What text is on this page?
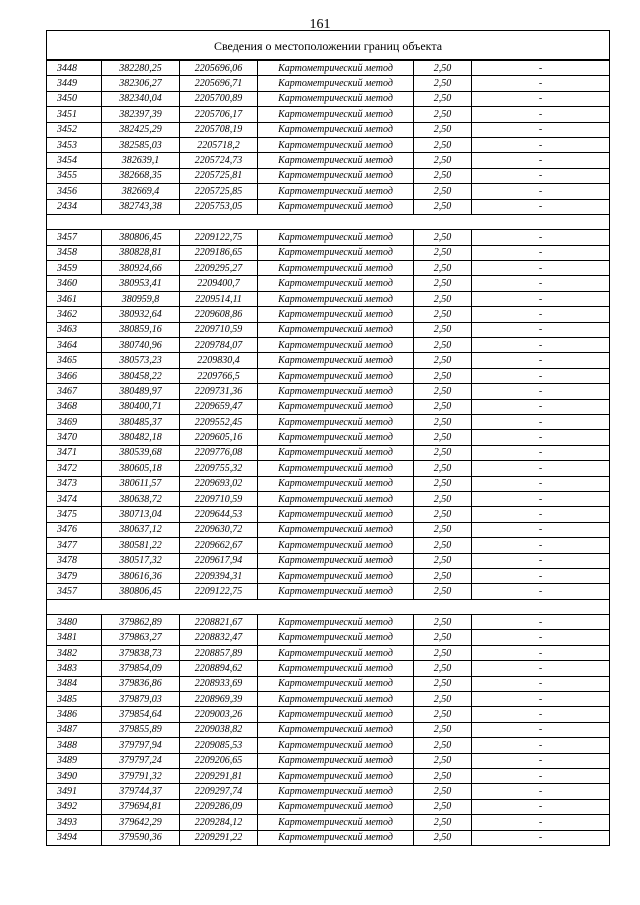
161
Сведения о местоположении границ объекта
3448	382280,25	2205696,06	Картометрический метод	2,50	-
3449	382306,27	2205696,71	Картометрический метод	2,50	-
3450	382340,04	2205700,89	Картометрический метод	2,50	-
3451	382397,39	2205706,17	Картометрический метод	2,50	-
3452	382425,29	2205708,19	Картометрический метод	2,50	-
3453	382585,03	2205718,2	Картометрический метод	2,50	-
3454	382639,1	2205724,73	Картометрический метод	2,50	-
3455	382668,35	2205725,81	Картометрический метод	2,50	-
3456	382669,4	2205725,85	Картометрический метод	2,50	-
2434	382743,38	2205753,05	Картометрический метод	2,50	-

3457	380806,45	2209122,75	Картометрический метод	2,50	-
3458	380828,81	2209186,65	Картометрический метод	2,50	-
3459	380924,66	2209295,27	Картометрический метод	2,50	-
3460	380953,41	2209400,7	Картометрический метод	2,50	-
3461	380959,8	2209514,11	Картометрический метод	2,50	-
3462	380932,64	2209608,86	Картометрический метод	2,50	-
3463	380859,16	2209710,59	Картометрический метод	2,50	-
3464	380740,96	2209784,07	Картометрический метод	2,50	-
3465	380573,23	2209830,4	Картометрический метод	2,50	-
3466	380458,22	2209766,5	Картометрический метод	2,50	-
3467	380489,97	2209731,36	Картометрический метод	2,50	-
3468	380400,71	2209659,47	Картометрический метод	2,50	-
3469	380485,37	2209552,45	Картометрический метод	2,50	-
3470	380482,18	2209605,16	Картометрический метод	2,50	-
3471	380539,68	2209776,08	Картометрический метод	2,50	-
3472	380605,18	2209755,32	Картометрический метод	2,50	-
3473	380611,57	2209693,02	Картометрический метод	2,50	-
3474	380638,72	2209710,59	Картометрический метод	2,50	-
3475	380713,04	2209644,53	Картометрический метод	2,50	-
3476	380637,12	2209630,72	Картометрический метод	2,50	-
3477	380581,22	2209662,67	Картометрический метод	2,50	-
3478	380517,32	2209617,94	Картометрический метод	2,50	-
3479	380616,36	2209394,31	Картометрический метод	2,50	-
3457	380806,45	2209122,75	Картометрический метод	2,50	-

3480	379862,89	2208821,67	Картометрический метод	2,50	-
3481	379863,27	2208832,47	Картометрический метод	2,50	-
3482	379838,73	2208857,89	Картометрический метод	2,50	-
3483	379854,09	2208894,62	Картометрический метод	2,50	-
3484	379836,86	2208933,69	Картометрический метод	2,50	-
3485	379879,03	2208969,39	Картометрический метод	2,50	-
3486	379854,64	2209003,26	Картометрический метод	2,50	-
3487	379855,89	2209038,82	Картометрический метод	2,50	-
3488	379797,94	2209085,53	Картометрический метод	2,50	-
3489	379797,24	2209206,65	Картометрический метод	2,50	-
3490	379791,32	2209291,81	Картометрический метод	2,50	-
3491	379744,37	2209297,74	Картометрический метод	2,50	-
3492	379694,81	2209286,09	Картометрический метод	2,50	-
3493	379642,29	2209284,12	Картометрический метод	2,50	-
3494	379590,36	2209291,22	Картометрический метод	2,50	-
